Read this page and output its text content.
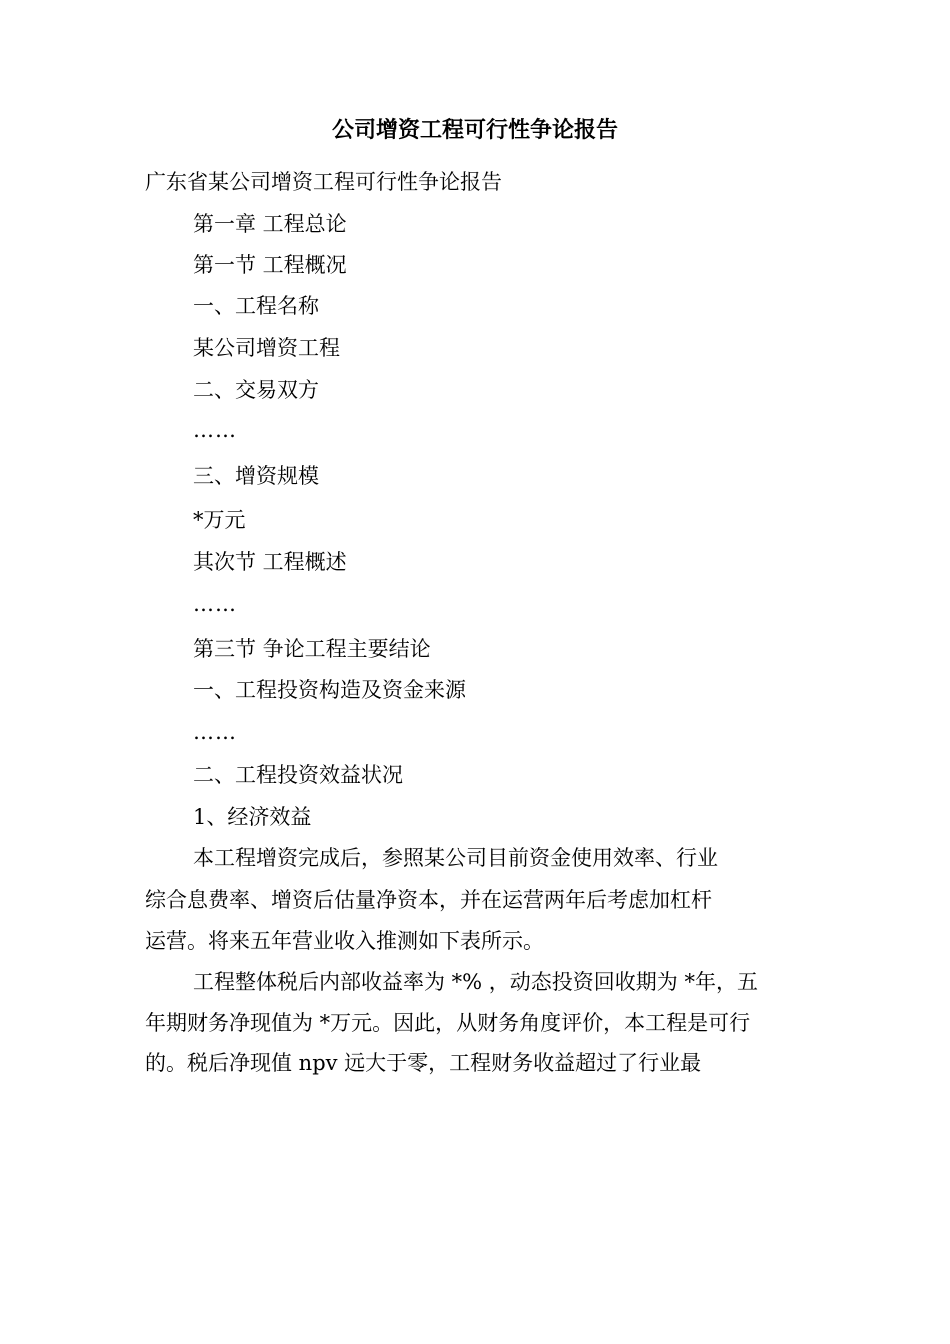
公司增资工程可行性争论报告

广东省某公司增资工程可行性争论报告

第一章 工程总论

第一节 工程概况

一、工程名称

某公司增资工程

二、交易双方

……

三、增资规模

*万元

其次节 工程概述

……

第三节 争论工程主要结论

一、工程投资构造及资金来源

……

二、工程投资效益状况

1、经济效益

本工程增资完成后，参照某公司目前资金使用效率、行业

综合息费率、增资后估量净资本，并在运营两年后考虑加杠杆

运营。将来五年营业收入推测如下表所示。

工程整体税后内部收益率为 *% ，动态投资回收期为 *年，五

年期财务净现值为 *万元。因此，从财务角度评价，本工程是可行

的。税后净现值 npv 远大于零，工程财务收益超过了行业最
